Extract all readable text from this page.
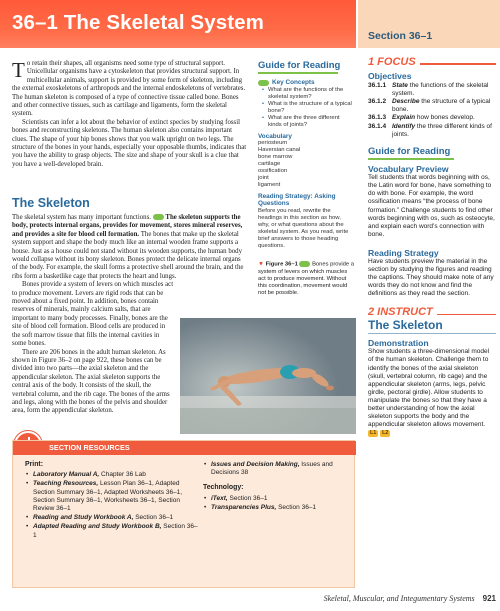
36–1 The Skeletal System
Section 36–1

T o retain their shapes, all organisms need some type of structural support. Unicellular organisms have a cytoskeleton that provides structural support. In multicellular animals, support is provided by some form of skeleton, including the external exoskeletons of arthropods and the internal endoskeletons of vertebrates. The human skeleton is composed of a type of connective tissue called bone. Bones and other connective tissues, such as cartilage and ligaments, form the skeletal system.

Scientists can infer a lot about the behavior of extinct species by studying fossil bones and reconstructing skeletons. The human skeleton also contains important clues. The shape of your hip bones shows that you walk upright on two legs. The structure of the bones in your hands, especially your opposable thumbs, indicates that you have the ability to grasp objects. The size and shape of your skull is a clue that you have a well-developed brain.

The Skeleton

The skeletal system has many important functions. The skeleton supports the body, protects internal organs, provides for movement, stores mineral reserves, and provides a site for blood cell formation. The bones that make up the skeletal system support and shape the body much like an internal wooden frame supports a house. Just as a house could not stand without its wooden supports, the human body would collapse without its bony skeleton. Bones protect the delicate internal organs of the body. For example, the skull forms a protective shell around the brain, and the ribs form a basketlike cage that protects the heart and lungs.

Bones provide a system of levers on which muscles act to produce movement. Levers are rigid rods that can be moved about a fixed point. In addition, bones contain reserves of minerals, mainly calcium salts, that are important to many body processes. Finally, bones are the site of blood cell formation. Blood cells are produced in the soft marrow tissue that fills the internal cavities in some bones.

There are 206 bones in the adult human skeleton. As shown in Figure 36–2 on page 922, these bones can be divided into two parts—the axial skeleton and the appendicular skeleton. The axial skeleton supports the central axis of the body. It consists of the skull, the vertebral column, and the rib cage. The bones of the arms and legs, along with the bones of the pelvis and shoulder area, form the appendicular skeleton.

Guide for Reading
Key Concepts
• What are the functions of the skeletal system?
• What is the structure of a typical bone?
• What are the three different kinds of joints?
Vocabulary
periosteum
Haversian canal
bone marrow
cartilage
ossification
joint
ligament
Reading Strategy: Asking Questions
Before you read, rewrite the headings in this section as how, why, or what questions about the skeletal system. As you read, write brief answers to those heading questions.
▼ Figure 36–1 Bones provide a system of levers on which muscles act to produce movement. Without this coordination, movement would not be possible.
SECTION RESOURCES
Print:
• Laboratory Manual A, Chapter 36 Lab
• Teaching Resources, Lesson Plan 36–1, Adapted Section Summary 36–1, Adapted Worksheets 36–1, Section Summary 36–1, Worksheets 36–1, Section Review 36–1
• Reading and Study Workbook A, Section 36–1
• Adapted Reading and Study Workbook B, Section 36–1
• Issues and Decision Making, Issues and Decisions 38
Technology:
• iText, Section 36–1
• Transparencies Plus, Section 36–1
1 FOCUS
Objectives
36.1.1 State the functions of the skeletal system.
36.1.2 Describe the structure of a typical bone.
36.1.3 Explain how bones develop.
36.1.4 Identify the three different kinds of joints.
Guide for Reading
Vocabulary Preview

Tell students that words beginning with os, the Latin word for bone, have something to do with bone. For example, the word ossification means “the process of bone formation.” Challenge students to find other words beginning with os, such as osteocyte, and explain each word’s connection with bone.

Reading Strategy

Have students preview the material in the section by studying the figures and reading the captions. They should make note of any words they do not know and find the definitions as they read the section.

2 INSTRUCT
The Skeleton
Demonstration

Show students a three-dimensional model of the human skeleton. Challenge them to identify the bones of the axial skeleton (skull, vertebral column, rib cage) and the appendicular skeleton (arms, legs, pelvic girdle, pectoral girdle). Allow students to manipulate the bones so that they have a better understanding of how the axial skeleton supports the body and the appendicular skeleton allows movement. L1 L2

Skeletal, Muscular, and Integumentary Systems 921
